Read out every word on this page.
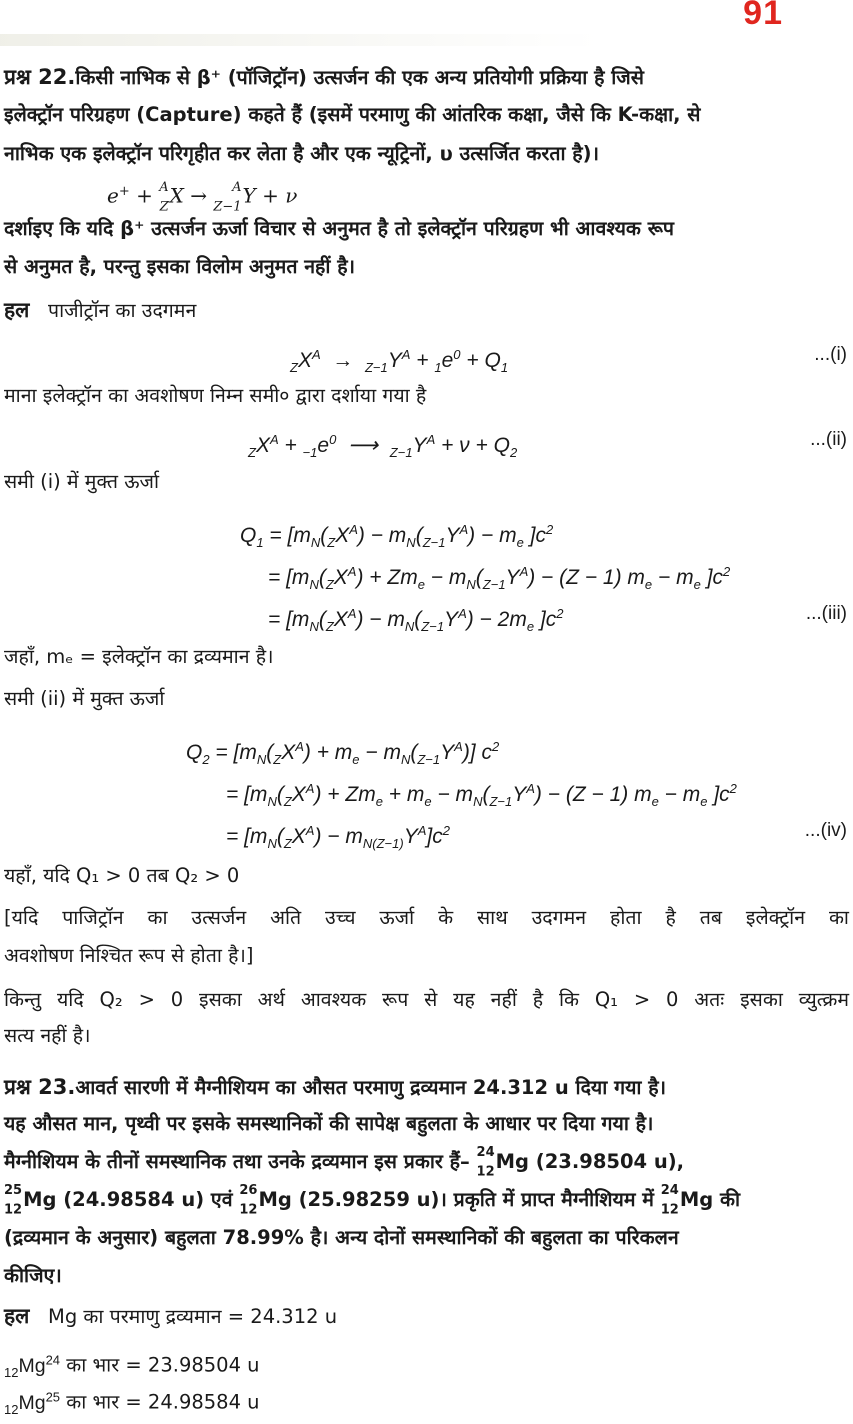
91
प्रश्न 22.किसी नाभिक से β⁺ (पॉजिट्रॉन) उत्सर्जन की एक अन्य प्रतियोगी प्रक्रिया है जिसे
इलेक्ट्रॉन परिग्रहण (Capture) कहते हैं (इसमें परमाणु की आंतरिक कक्षा, जैसे कि K-कक्षा, से
नाभिक एक इलेक्ट्रॉन परिगृहीत कर लेता है और एक न्यूट्रिनों, υ उत्सर्जित करता है)।
e+ + $^A$
$_Z$X → $^A$
$_{Z-1}$Y + ν
दर्शाइए कि यदि β⁺ उत्सर्जन ऊर्जा विचार से अनुमत है तो इलेक्ट्रॉन परिग्रहण भी आवश्यक रूप
से अनुमत है, परन्तु इसका विलोम अनुमत नहीं है।
हल पाजीट्रॉन का उदगमन
$_ZX^A \to _{Z-1}Y^A + _1e^0 + Q_1$
...(i)
माना इलेक्ट्रॉन का अवशोषण निम्न समी० द्वारा दर्शाया गया है
$_ZX^A + _{-1}e^0$  ⟶  $_{Z-1}Y^A + \nu + Q_2$
...(ii)
समी (i) में मुक्त ऊर्जा
$Q_1 = [m_N(_ZX^A) - m_N(_{Z-1}Y^A) - m_e$ ]$c^2$
= [$m_N(_ZX^A) + Zm_e - m_N(_{Z-1}Y^A) - (Z - 1) m_e - m_e$ ]$c^2$
= [$m_N(_ZX^A) - m_N(_{Z-1}Y^A) - 2m_e$ ]$c^2$	...(iii)
जहाँ, mₑ = इलेक्ट्रॉन का द्रव्यमान है।
समी (ii) में मुक्त ऊर्जा
$Q_2 = [m_N(_ZX^A) + m_e - m_N(_{Z-1}Y^A)]$ $c^2$
= [$m_N(_ZX^A) + Zm_e + m_e - m_N(_{Z-1}Y^A) - (Z - 1) m_e - m_e$ ]$c^2$
= $[m_N(_ZX^A) - m_{N(Z-1)}Y^A]c^2$	...(iv)
यहाँ, यदि Q₁ > 0 तब Q₂ > 0
[यदि पाजिट्रॉन का उत्सर्जन अति उच्च ऊर्जा के साथ उदगमन होता है तब इलेक्ट्रॉन का
अवशोषण निश्चित रूप से होता है।]
किन्तु यदि Q₂ > 0 इसका अर्थ आवश्यक रूप से यह नहीं है कि Q₁ > 0 अतः इसका व्युत्क्रम
सत्य नहीं है।
प्रश्न 23.आवर्त सारणी में मैग्नीशियम का औसत परमाणु द्रव्यमान 24.312 u दिया गया है।
यह औसत मान, पृथ्वी पर इसके समस्थानिकों की सापेक्ष बहुलता के आधार पर दिया गया है।
मैग्नीशियम के तीनों समस्थानिक तथा उनके द्रव्यमान इस प्रकार हैं– $^{24}$
$_{12}$Mg (23.98504 u),
$^{25}$
$_{12}$Mg (24.98584 u) एवं $^{26}$
$_{12}$Mg (25.98259 u)। प्रकृति में प्राप्त मैग्नीशियम में $^{24}$
$_{12}$Mg की
(द्रव्यमान के अनुसार) बहुलता 78.99% है। अन्य दोनों समस्थानिकों की बहुलता का परिकलन
कीजिए।
हल Mg का परमाणु द्रव्यमान = 24.312 u
$_{12}Mg^{24}$ का भार = 23.98504 u
$_{12}Mg^{25}$ का भार = 24.98584 u
